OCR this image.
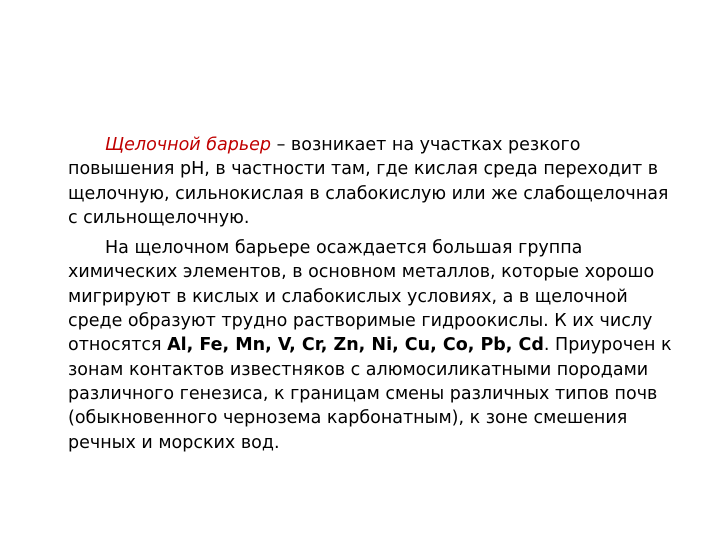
Щелочной барьер – возникает на участках резкого повышения рН, в частности там, где кислая среда переходит в щелочную, сильнокислая в слабокислую или же слабощелочная с сильнощелочную.

На щелочном барьере осаждается большая группа химических элементов, в основном металлов, которые хорошо мигрируют в кислых и слабокислых условиях, а в щелочной среде образуют трудно растворимые гидроокислы. К их числу относятся Al, Fe, Mn, V, Cr, Zn, Ni, Cu, Co, Pb, Cd. Приурочен к зонам контактов известняков с алюмосиликатными породами различного генезиса, к границам смены различных типов почв (обыкновенного чернозема карбонатным), к зоне смешения речных и морских вод.
